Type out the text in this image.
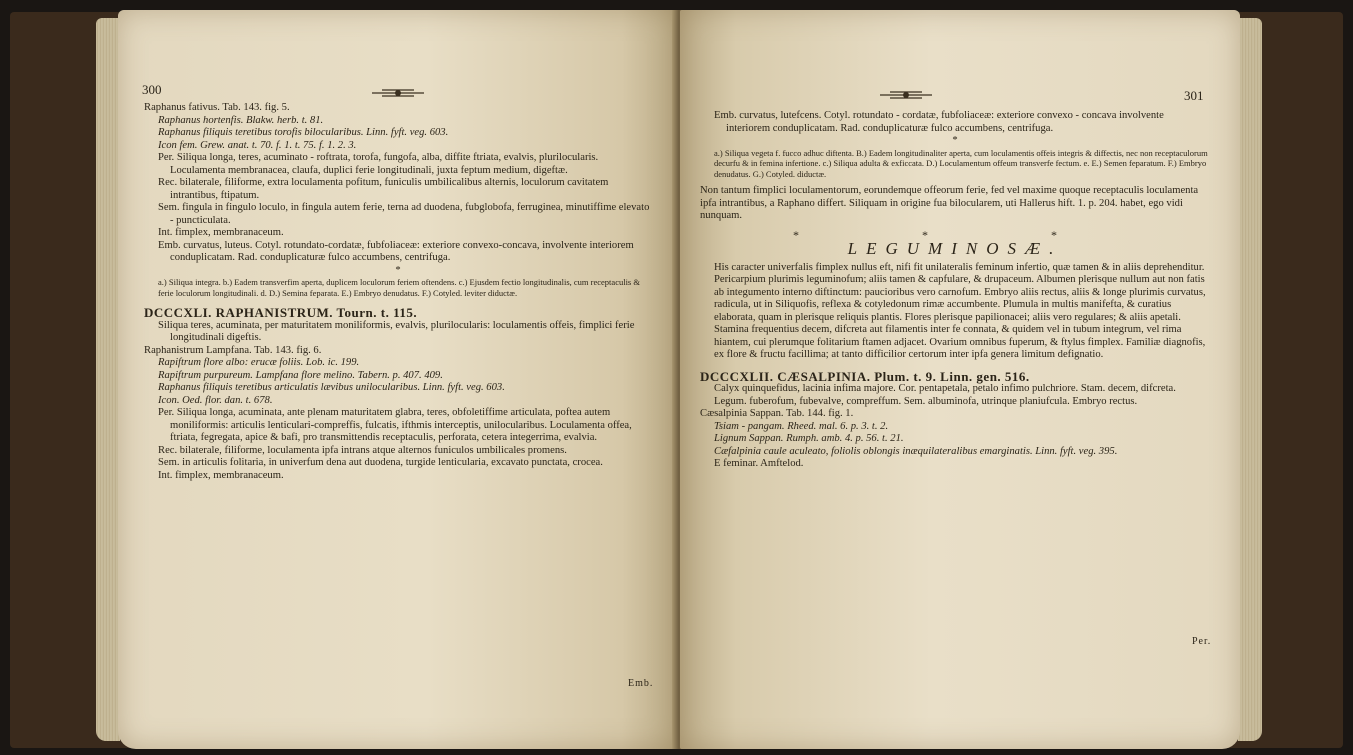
300

Raphanus fativus. Tab. 143. fig. 5.

Raphanus hortenfis. Blakw. herb. t. 81.

Raphanus filiquis teretibus torofis bilocularibus. Linn. fyft. veg. 603.

Icon fem. Grew. anat. t. 70. f. 1. t. 75. f. 1. 2. 3.

Per. Siliqua longa, teres, acuminato - roftrata, torofa, fungofa, alba, diffite ftriata, evalvis, plurilocularis. Loculamenta membranacea, claufa, duplici ferie longitudinali, juxta feptum medium, digeftæ.

Rec. bilaterale, filiforme, extra loculamenta pofitum, funiculis umbilicalibus alternis, loculorum cavitatem intrantibus, ftipatum.

Sem. fingula in fingulo loculo, in fingula autem ferie, terna ad duodena, fubglobofa, ferruginea, minutiffime elevato - puncticulata.

Int. fimplex, membranaceum.

Emb. curvatus, luteus. Cotyl. rotundato-cordatæ, fubfoliaceæ: exteriore convexo-concava, involvente interiorem conduplicatam. Rad. conduplicaturæ fulco accumbens, centrifuga.

*

a.) Siliqua integra. b.) Eadem transverfim aperta, duplicem loculorum feriem oftendens. c.) Ejusdem fectio longitudinalis, cum receptaculis & ferie loculorum longitudinali. d. D.) Semina feparata. E.) Embryo denudatus. F.) Cotyled. leviter diductæ.

DCCCXLI. RAPHANISTRUM. Tourn. t. 115.

Siliqua teres, acuminata, per maturitatem moniliformis, evalvis, plurilocularis: loculamentis offeis, fimplici ferie longitudinali digeftis.

Raphanistrum Lampfana. Tab. 143. fig. 6.

Rapiftrum flore albo: erucæ foliis. Lob. ic. 199.

Rapiftrum purpureum. Lampfana flore melino. Tabern. p. 407. 409.

Raphanus filiquis teretibus articulatis lævibus unilocularibus. Linn. fyft. veg. 603.

Icon. Oed. flor. dan. t. 678.

Per. Siliqua longa, acuminata, ante plenam maturitatem glabra, teres, obfoletiffime articulata, poftea autem moniliformis: articulis lenticulari-compreffis, fulcatis, ifthmis interceptis, unilocularibus. Loculamenta offea, ftriata, fegregata, apice & bafi, pro transmittendis receptaculis, perforata, cetera integerrima, evalvia.

Rec. bilaterale, filiforme, loculamenta ipfa intrans atque alternos funiculos umbilicales promens.

Sem. in articulis folitaria, in univerfum dena aut duodena, turgide lenticularia, excavato punctata, crocea.

Int. fimplex, membranaceum.

Emb.
301

Emb. curvatus, lutefcens. Cotyl. rotundato - cordatæ, fubfoliaceæ: exteriore convexo - concava involvente interiorem conduplicatam. Rad. conduplicaturæ fulco accumbens, centrifuga.

*

a.) Siliqua vegeta f. fucco adhuc diftenta. B.) Eadem longitudinaliter aperta, cum loculamentis offeis integris & diffectis, nec non receptaculorum decurfu & in femina infertione. c.) Siliqua adulta & exficcata. D.) Loculamentum offeum transverfe fectum. e. E.) Semen feparatum. F.) Embryo denudatus. G.) Cotyled. diductæ.

Non tantum fimplici loculamentorum, eorundemque offeorum ferie, fed vel maxime quoque receptaculis loculamenta ipfa intrantibus, a Raphano differt. Siliquam in origine fua bilocularem, uti Hallerus hift. 1. p. 204. habet, ego vidi nunquam.

* * *

LEGUMINOSÆ.

His caracter univerfalis fimplex nullus eft, nifi fit unilateralis feminum infertio, quæ tamen & in aliis deprehenditur. Pericarpium plurimis leguminofum; aliis tamen & capfulare, & drupaceum. Albumen plerisque nullum aut non fatis ab integumento interno diftinctum: paucioribus vero carnofum. Embryo aliis rectus, aliis & longe plurimis curvatus, radicula, ut in Siliquofis, reflexa & cotyledonum rimæ accumbente. Plumula in multis manifefta, & curatius elaborata, quam in plerisque reliquis plantis. Flores plerisque papilionacei; aliis vero regulares; & aliis apetali. Stamina frequentius decem, difcreta aut filamentis inter fe connata, & quidem vel in tubum integrum, vel rima hiantem, cui plerumque folitarium ftamen adjacet. Ovarium omnibus fuperum, & ftylus fimplex. Familiæ diagnofis, ex flore & fructu facillima; at tanto difficilior certorum inter ipfa genera limitum defignatio.

DCCCXLII. CÆSALPINIA. Plum. t. 9. Linn. gen. 516.

Calyx quinquefidus, lacinia infima majore. Cor. pentapetala, petalo infimo pulchriore. Stam. decem, difcreta. Legum. fuberofum, fubevalve, compreffum. Sem. albuminofa, utrinque planiufcula. Embryo rectus.

Cæsalpinia Sappan. Tab. 144. fig. 1.

Tsiam - pangam. Rheed. mal. 6. p. 3. t. 2.

Lignum Sappan. Rumph. amb. 4. p. 56. t. 21.

Cæfalpinia caule aculeato, foliolis oblongis inæquilateralibus emarginatis. Linn. fyft. veg. 395.

E feminar. Amftelod.

Per.
